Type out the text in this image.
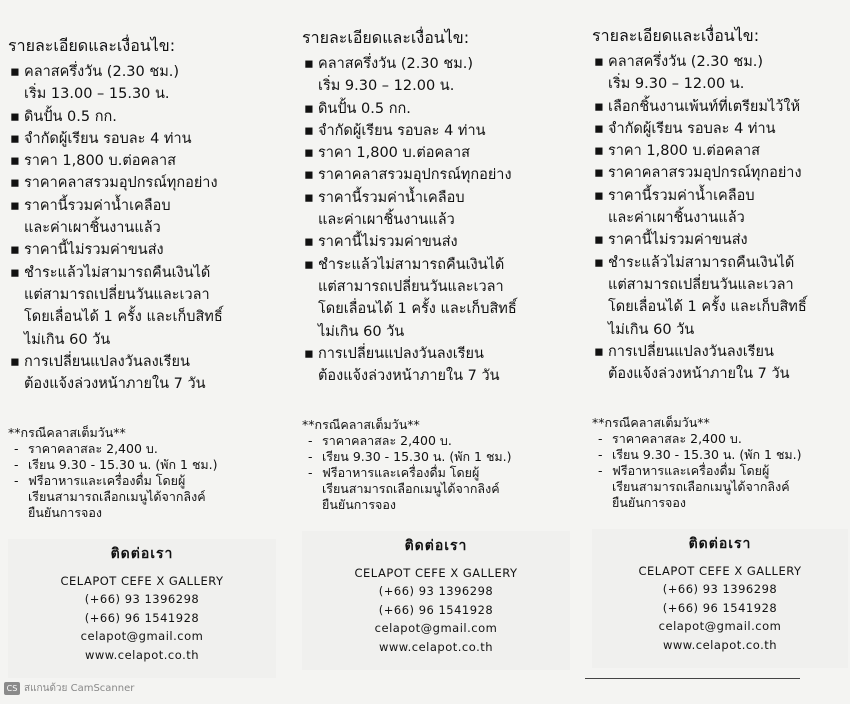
รายละเอียดและเงื่อนไข:
▪ คลาสครึ่งวัน (2.30 ชม.)
เริ่ม 13.00 – 15.30 น.
▪ ดินปั้น 0.5 กก.
▪ จำกัดผู้เรียน รอบละ 4 ท่าน
▪ ราคา 1,800 บ.ต่อคลาส
▪ ราคาคลาสรวมอุปกรณ์ทุกอย่าง
▪ ราคานี้รวมค่าน้ำเคลือบ
และค่าเผาชิ้นงานแล้ว
▪ ราคานี้ไม่รวมค่าขนส่ง
▪ ชำระแล้วไม่สามารถคืนเงินได้
แต่สามารถเปลี่ยนวันและเวลา
โดยเลื่อนได้ 1 ครั้ง และเก็บสิทธิ์
ไม่เกิน 60 วัน
▪ การเปลี่ยนแปลงวันลงเรียน
ต้องแจ้งล่วงหน้าภายใน 7 วัน
**กรณีคลาสเต็มวัน**
- ราคาคลาสละ 2,400 บ.
- เรียน 9.30 - 15.30 น. (พัก 1 ชม.)
- ฟรีอาหารและเครื่องดื่ม โดยผู้
เรียนสามารถเลือกเมนูได้จากลิงค์
ยืนยันการจอง
ติดต่อเรา
CELAPOT CEFE X GALLERY
(+66) 93 1396298
(+66) 96 1541928
celapot@gmail.com
www.celapot.co.th
รายละเอียดและเงื่อนไข:
▪ คลาสครึ่งวัน (2.30 ชม.)
เริ่ม 9.30 – 12.00 น.
▪ ดินปั้น 0.5 กก.
▪ จำกัดผู้เรียน รอบละ 4 ท่าน
▪ ราคา 1,800 บ.ต่อคลาส
▪ ราคาคลาสรวมอุปกรณ์ทุกอย่าง
▪ ราคานี้รวมค่าน้ำเคลือบ
และค่าเผาชิ้นงานแล้ว
▪ ราคานี้ไม่รวมค่าขนส่ง
▪ ชำระแล้วไม่สามารถคืนเงินได้
แต่สามารถเปลี่ยนวันและเวลา
โดยเลื่อนได้ 1 ครั้ง และเก็บสิทธิ์
ไม่เกิน 60 วัน
▪ การเปลี่ยนแปลงวันลงเรียน
ต้องแจ้งล่วงหน้าภายใน 7 วัน
**กรณีคลาสเต็มวัน**
- ราคาคลาสละ 2,400 บ.
- เรียน 9.30 - 15.30 น. (พัก 1 ชม.)
- ฟรีอาหารและเครื่องดื่ม โดยผู้
เรียนสามารถเลือกเมนูได้จากลิงค์
ยืนยันการจอง
ติดต่อเรา
CELAPOT CEFE X GALLERY
(+66) 93 1396298
(+66) 96 1541928
celapot@gmail.com
www.celapot.co.th
รายละเอียดและเงื่อนไข:
▪ คลาสครึ่งวัน (2.30 ชม.)
เริ่ม 9.30 – 12.00 น.
▪ เลือกชิ้นงานเพ้นท์ที่เตรียมไว้ให้
▪ จำกัดผู้เรียน รอบละ 4 ท่าน
▪ ราคา 1,800 บ.ต่อคลาส
▪ ราคาคลาสรวมอุปกรณ์ทุกอย่าง
▪ ราคานี้รวมค่าน้ำเคลือบ
และค่าเผาชิ้นงานแล้ว
▪ ราคานี้ไม่รวมค่าขนส่ง
▪ ชำระแล้วไม่สามารถคืนเงินได้
แต่สามารถเปลี่ยนวันและเวลา
โดยเลื่อนได้ 1 ครั้ง และเก็บสิทธิ์
ไม่เกิน 60 วัน
▪ การเปลี่ยนแปลงวันลงเรียน
ต้องแจ้งล่วงหน้าภายใน 7 วัน
**กรณีคลาสเต็มวัน**
- ราคาคลาสละ 2,400 บ.
- เรียน 9.30 - 15.30 น. (พัก 1 ชม.)
- ฟรีอาหารและเครื่องดื่ม โดยผู้
เรียนสามารถเลือกเมนูได้จากลิงค์
ยืนยันการจอง
ติดต่อเรา
CELAPOT CEFE X GALLERY
(+66) 93 1396298
(+66) 96 1541928
celapot@gmail.com
www.celapot.co.th
CS สแกนด้วย CamScanner
